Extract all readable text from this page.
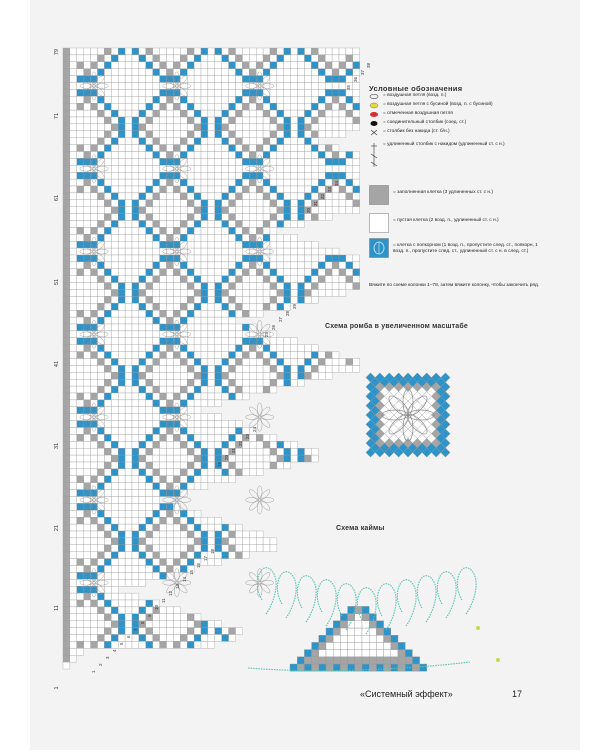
79
71
61
51
41
31
21
11
1
38
37
36
35
34
33
32
31
30
29
28
27
26
25
24
23
22
21
20
19
18
17
16
15
14
13
12
11
10
9
8
7
6
5
4
3
2
1
Условные обозначения
= воздушная петля (возд. п.)
= воздушная петля с бусиной (возд. п. с бусиной)
= отмеченная воздушная петля
= соединительный столбик (соед. ст.)
= столбик без накида (ст. б/н.)
= удлиненный столбик с накидом (удлиненный ст. с н.)
= заполненная клетка (3 удлиненных ст. с н.)
= пустая клетка (2 возд. п., удлиненный ст. с н.)
= клетка с попкорном (1 возд. п., пропустите след. ст., попкорн, 1 возд. п., пропустите след. ст., удлиненный ст. с н. в след. ст.)
Вяжите по схеме колонки 1–78, затем вяжите колонку, чтобы закончить ряд.
Схема ромба в увеличенном масштабе
Схема каймы
«Системный эффект»	17
